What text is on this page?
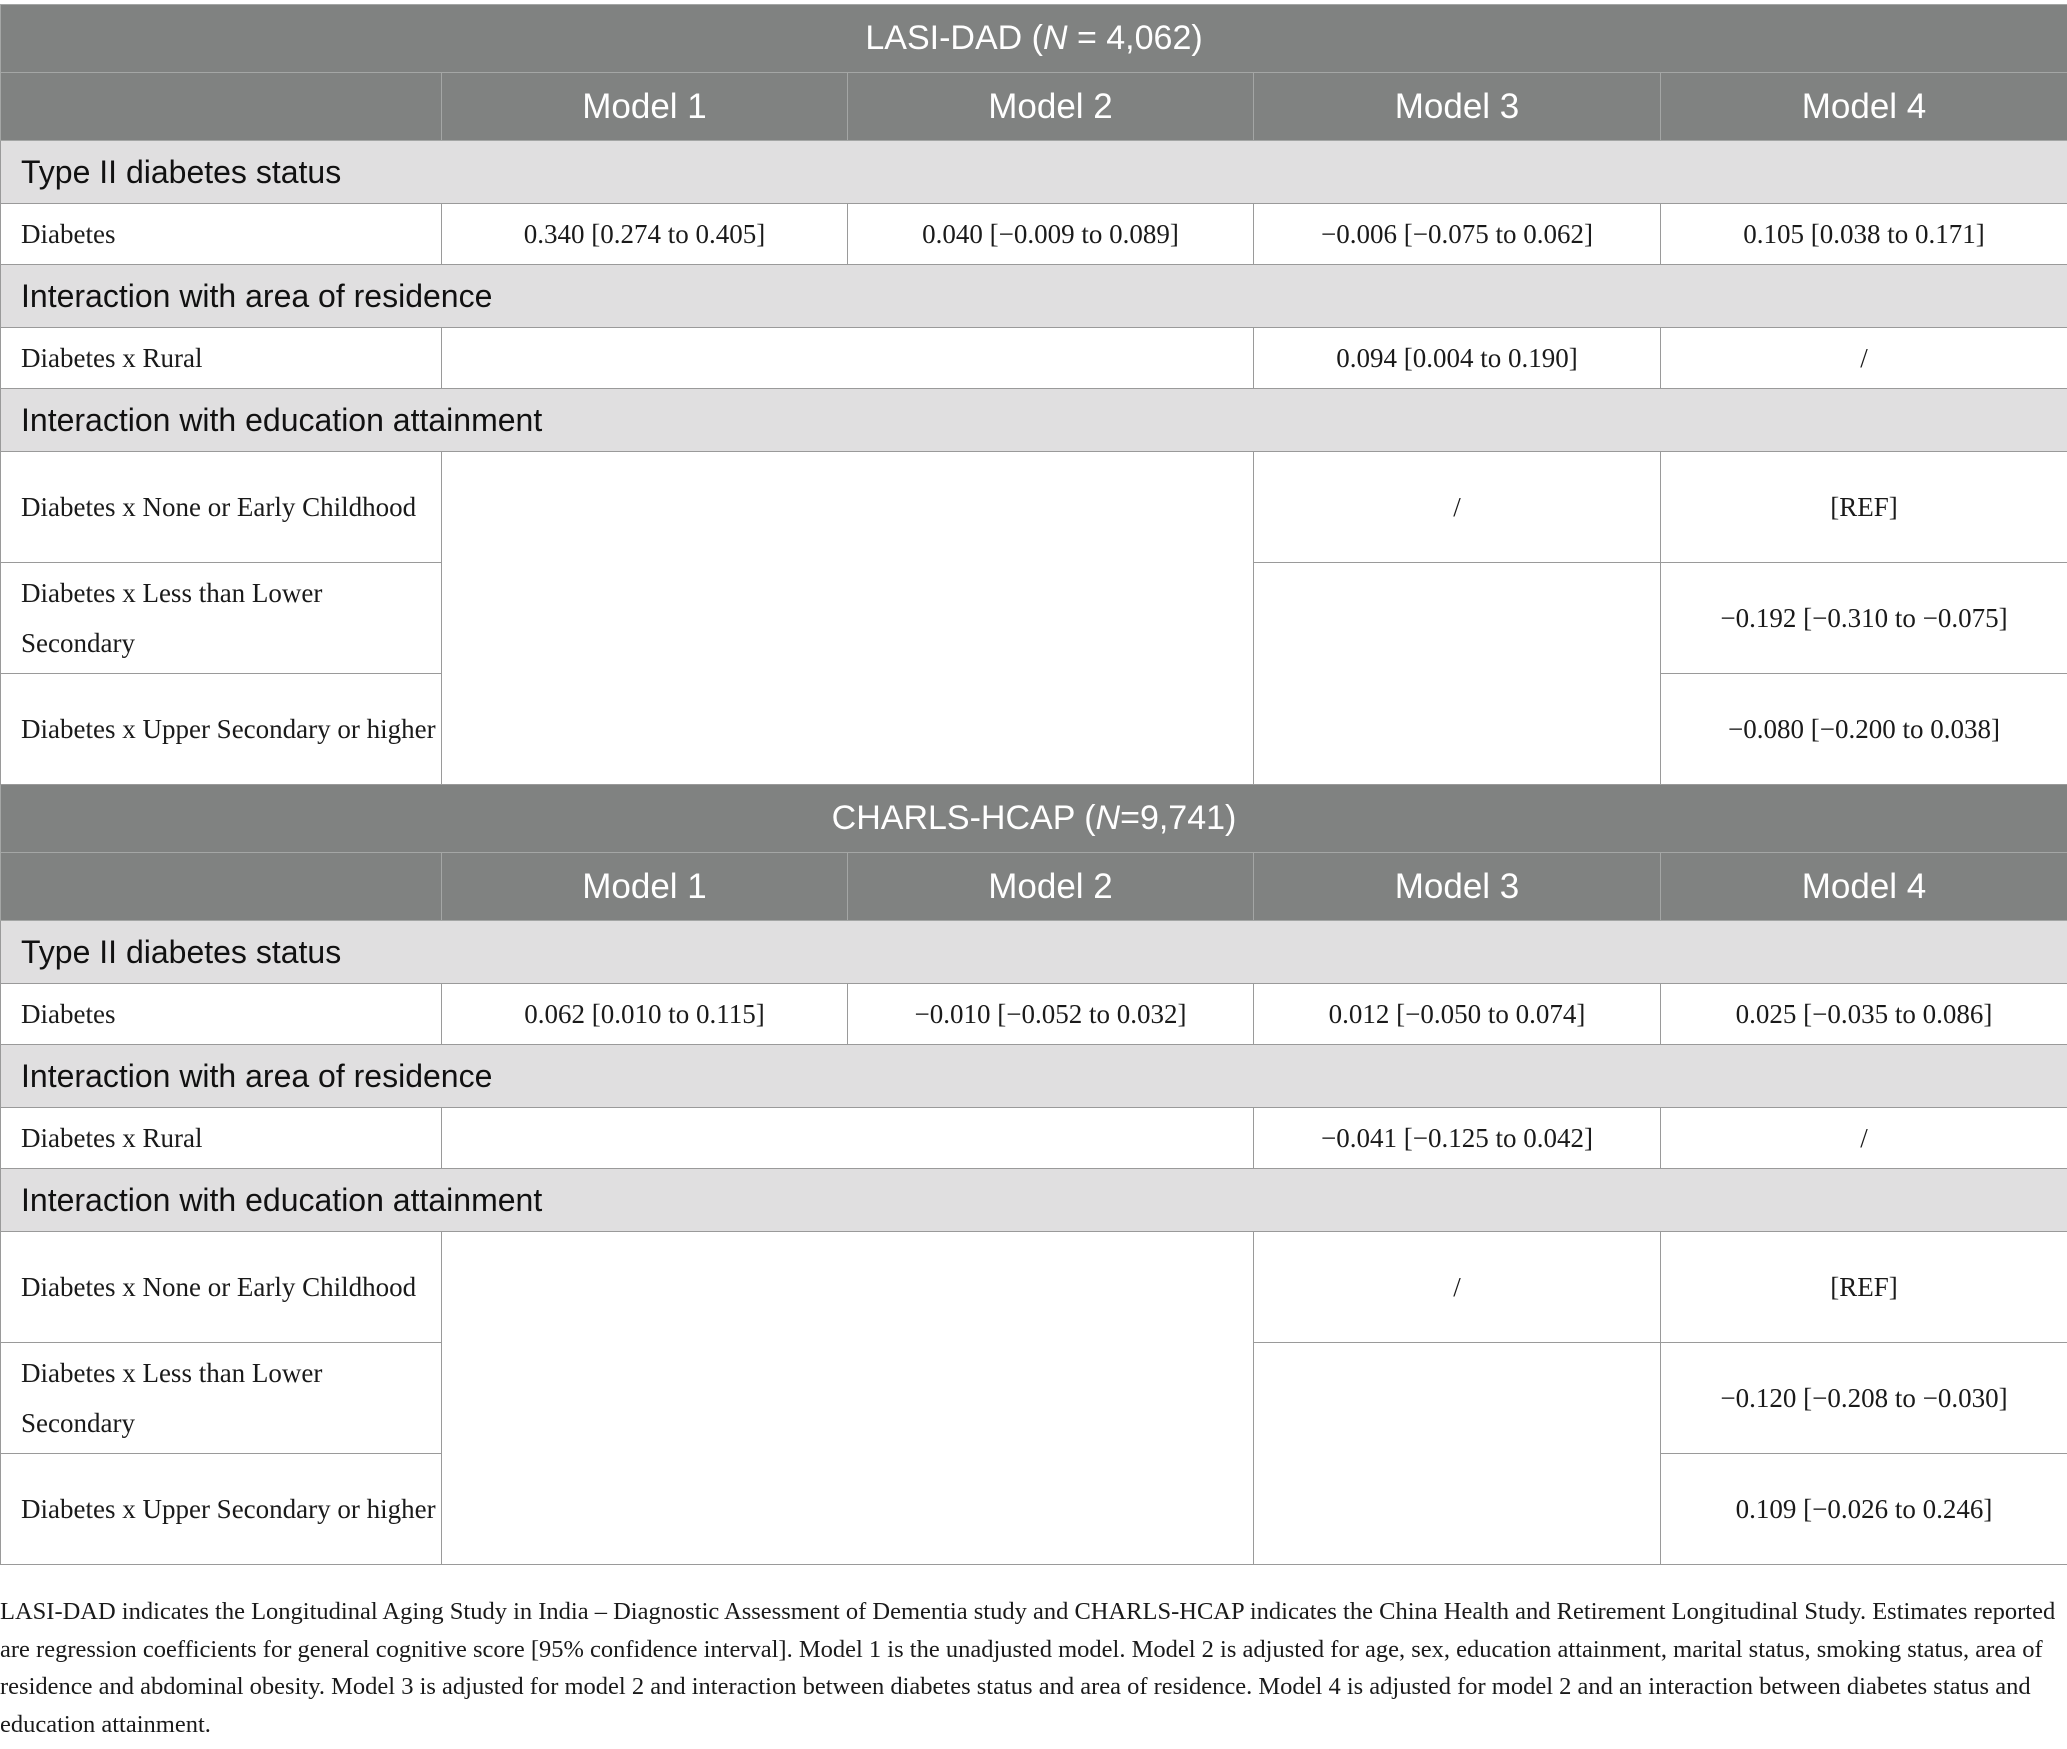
LASI-DAD (N = 4,062)				
	Model 1	Model 2	Model 3	Model 4
Type II diabetes status				
Diabetes	0.340 [0.274 to 0.405]	0.040 [−0.009 to 0.089]	−0.006 [−0.075 to 0.062]	0.105 [0.038 to 0.171]
Interaction with area of residence				
Diabetes x Rural			0.094 [0.004 to 0.190]	/
Interaction with education attainment				
Diabetes x None or Early Childhood			/	[REF]
Diabetes x Less than Lower Secondary				−0.192 [−0.310 to −0.075]
Diabetes x Upper Secondary or higher				−0.080 [−0.200 to 0.038]
CHARLS-HCAP (N=9,741)				
	Model 1	Model 2	Model 3	Model 4
Type II diabetes status				
Diabetes	0.062 [0.010 to 0.115]	−0.010 [−0.052 to 0.032]	0.012 [−0.050 to 0.074]	0.025 [−0.035 to 0.086]
Interaction with area of residence				
Diabetes x Rural			−0.041 [−0.125 to 0.042]	/
Interaction with education attainment				
Diabetes x None or Early Childhood			/	[REF]
Diabetes x Less than Lower Secondary				−0.120 [−0.208 to −0.030]
Diabetes x Upper Secondary or higher				0.109 [−0.026 to 0.246]
LASI-DAD indicates the Longitudinal Aging Study in India – Diagnostic Assessment of Dementia study and CHARLS-HCAP indicates the China Health and Retirement Longitudinal Study. Estimates reported are regression coefficients for general cognitive score [95% confidence interval]. Model 1 is the unadjusted model. Model 2 is adjusted for age, sex, education attainment, marital status, smoking status, area of residence and abdominal obesity. Model 3 is adjusted for model 2 and interaction between diabetes status and area of residence. Model 4 is adjusted for model 2 and an interaction between diabetes status and education attainment.
